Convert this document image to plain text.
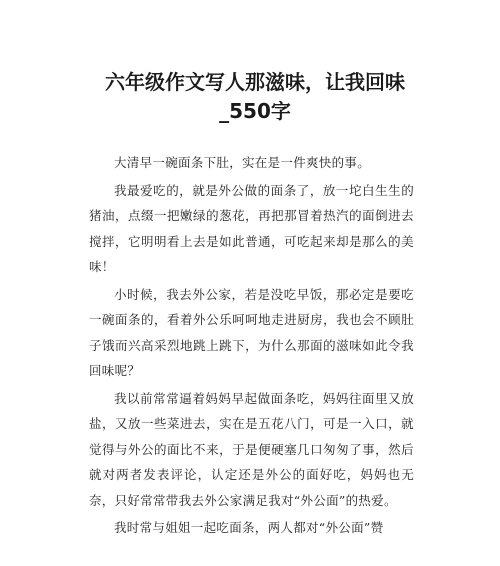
六年级作文写人那滋味，让我回味_550字

大清早一碗面条下肚，实在是一件爽快的事。

我最爱吃的，就是外公做的面条了，放一坨白生生的猪油，点缀一把嫩绿的葱花，再把那冒着热汽的面倒进去搅拌，它明明看上去是如此普通，可吃起来却是那么的美味！

小时候，我去外公家，若是没吃早饭，那必定是要吃一碗面条的，看着外公乐呵呵地走进厨房，我也会不顾肚子饿而兴高采烈地跳上跳下，为什么那面的滋味如此令我回味呢？

我以前常常逼着妈妈早起做面条吃，妈妈往面里又放盐，又放一些菜进去，实在是五花八门，可是一入口，就觉得与外公的面比不来，于是便硬塞几口匆匆了事，然后就对两者发表评论，认定还是外公的面好吃，妈妈也无奈，只好常常带我去外公家满足我对“外公面”的热爱。

我时常与姐姐一起吃面条，两人都对“外公面”赞
